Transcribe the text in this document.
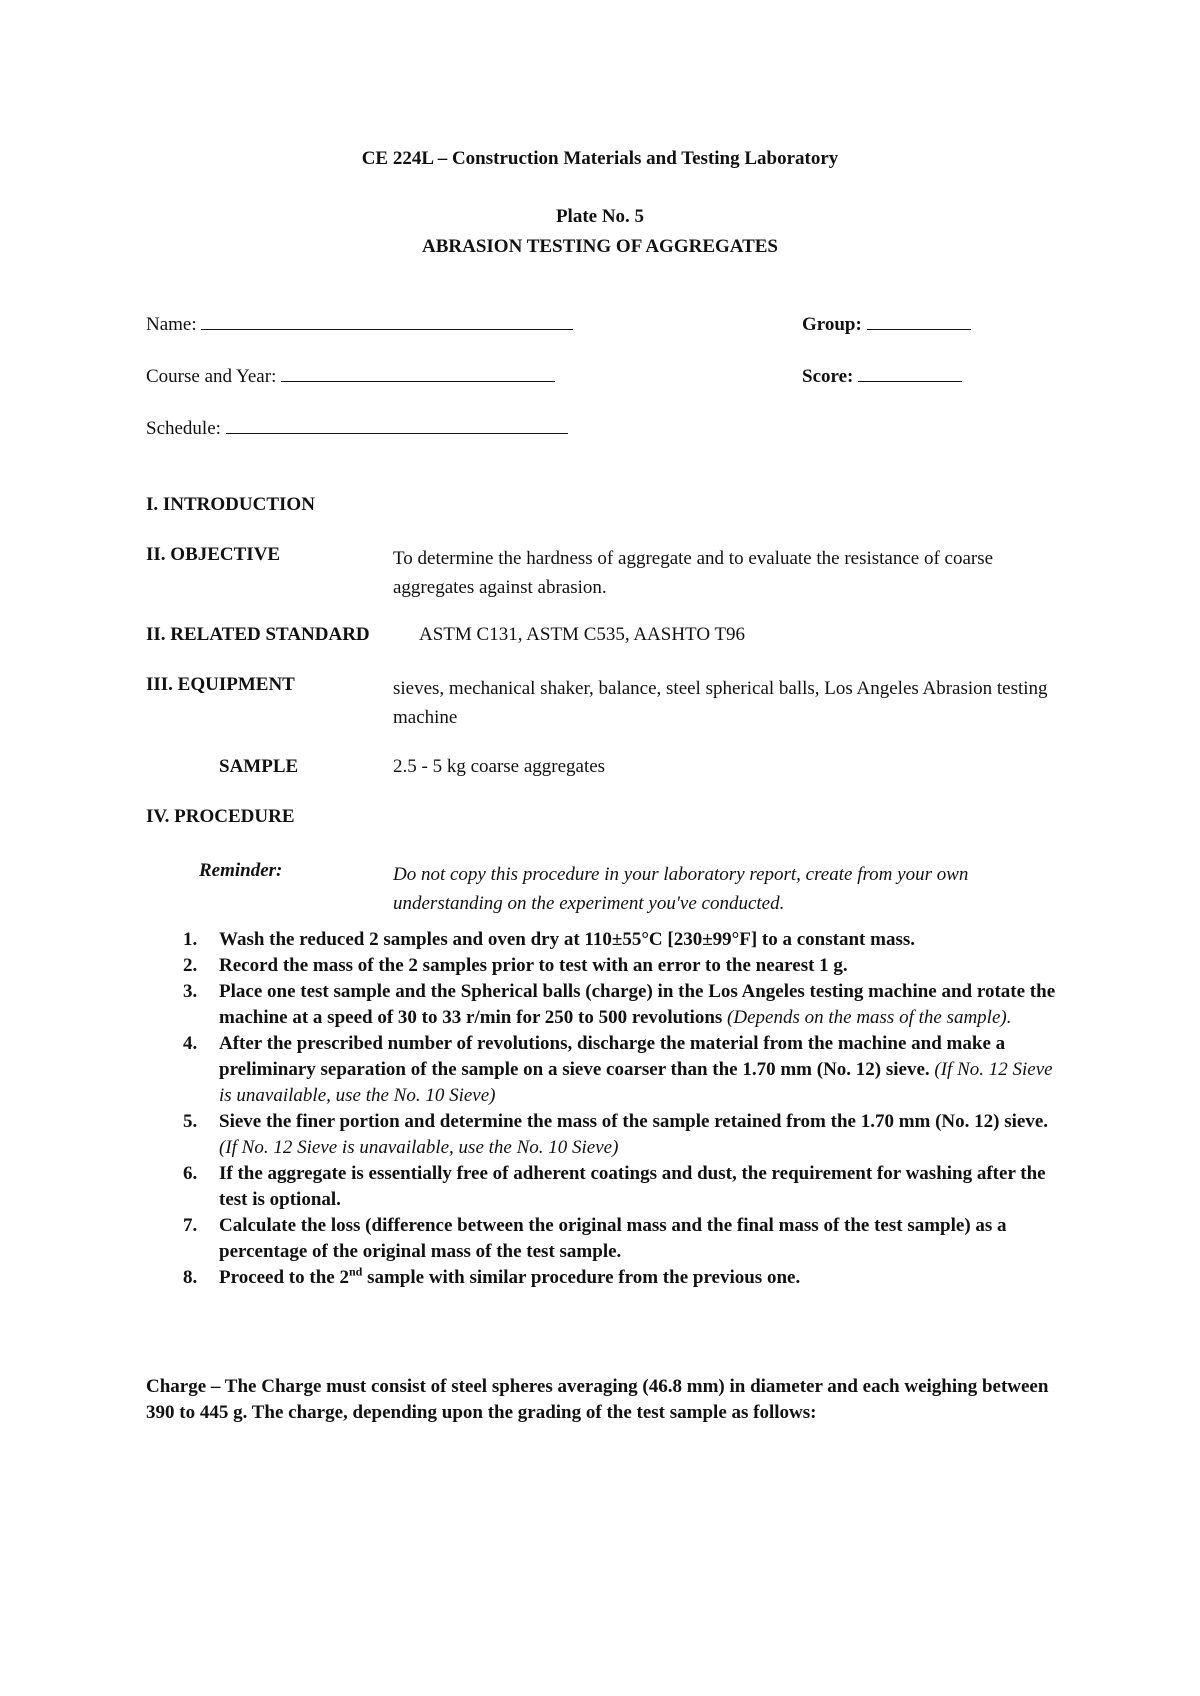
CE 224L – Construction Materials and Testing Laboratory
Plate No. 5
ABRASION TESTING OF AGGREGATES
Name:	Group:
Course and Year:	Score:
Schedule:
I. INTRODUCTION
II. OBJECTIVE	To determine the hardness of aggregate and to evaluate the resistance of coarse aggregates against abrasion.
II. RELATED STANDARD	ASTM C131, ASTM C535, AASHTO T96
III. EQUIPMENT	sieves, mechanical shaker, balance, steel spherical balls, Los Angeles Abrasion testing machine
SAMPLE	2.5 - 5 kg coarse aggregates
IV. PROCEDURE
Reminder:	Do not copy this procedure in your laboratory report, create from your own understanding on the experiment you've conducted.
1. Wash the reduced 2 samples and oven dry at 110±55°C [230±99°F] to a constant mass.
2. Record the mass of the 2 samples prior to test with an error to the nearest 1 g.
3. Place one test sample and the Spherical balls (charge) in the Los Angeles testing machine and rotate the machine at a speed of 30 to 33 r/min for 250 to 500 revolutions (Depends on the mass of the sample).
4. After the prescribed number of revolutions, discharge the material from the machine and make a preliminary separation of the sample on a sieve coarser than the 1.70 mm (No. 12) sieve. (If No. 12 Sieve is unavailable, use the No. 10 Sieve)
5. Sieve the finer portion and determine the mass of the sample retained from the 1.70 mm (No. 12) sieve. (If No. 12 Sieve is unavailable, use the No. 10 Sieve)
6. If the aggregate is essentially free of adherent coatings and dust, the requirement for washing after the test is optional.
7. Calculate the loss (difference between the original mass and the final mass of the test sample) as a percentage of the original mass of the test sample.
8. Proceed to the 2nd sample with similar procedure from the previous one.
Charge – The Charge must consist of steel spheres averaging (46.8 mm) in diameter and each weighing between 390 to 445 g. The charge, depending upon the grading of the test sample as follows:
